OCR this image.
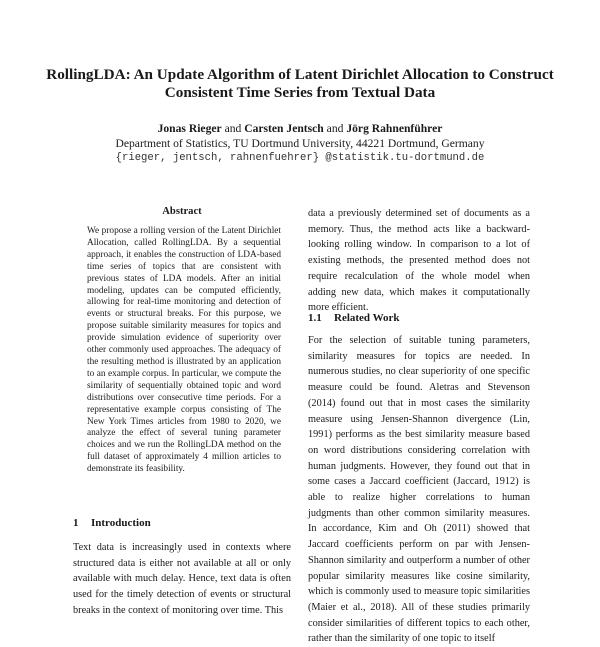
RollingLDA: An Update Algorithm of Latent Dirichlet Allocation to Construct Consistent Time Series from Textual Data
Jonas Rieger and Carsten Jentsch and Jörg Rahnenführer
Department of Statistics, TU Dortmund University, 44221 Dortmund, Germany
{rieger, jentsch, rahnenfuehrer} @statistik.tu-dortmund.de
Abstract
We propose a rolling version of the Latent Dirichlet Allocation, called RollingLDA. By a sequential approach, it enables the construction of LDA-based time series of topics that are consistent with previous states of LDA models. After an initial modeling, updates can be computed efficiently, allowing for real-time monitoring and detection of events or structural breaks. For this purpose, we propose suitable similarity measures for topics and provide simulation evidence of superiority over other commonly used approaches. The adequacy of the resulting method is illustrated by an application to an example corpus. In particular, we compute the similarity of sequentially obtained topic and word distributions over consecutive time periods. For a representative example corpus consisting of The New York Times articles from 1980 to 2020, we analyze the effect of several tuning parameter choices and we run the RollingLDA method on the full dataset of approximately 4 million articles to demonstrate its feasibility.
1 Introduction
Text data is increasingly used in contexts where structured data is either not available at all or only available with much delay. Hence, text data is often used for the timely detection of events or structural breaks in the context of monitoring over time. This
data a previously determined set of documents as a memory. Thus, the method acts like a backward-looking rolling window. In comparison to a lot of existing methods, the presented method does not require recalculation of the whole model when adding new data, which makes it computationally more efficient.
1.1 Related Work
For the selection of suitable tuning parameters, similarity measures for topics are needed. In numerous studies, no clear superiority of one specific measure could be found. Aletras and Stevenson (2014) found out that in most cases the similarity measure using Jensen-Shannon divergence (Lin, 1991) performs as the best similarity measure based on word distributions considering correlation with human judgments. However, they found out that in some cases a Jaccard coefficient (Jaccard, 1912) is able to realize higher correlations to human judgments than other common similarity measures. In accordance, Kim and Oh (2011) showed that Jaccard coefficients perform on par with Jensen-Shannon similarity and outperform a number of other popular similarity measures like cosine similarity, which is commonly used to measure topic similarities (Maier et al., 2018). All of these studies primarily consider similarities of different topics to each other, rather than the similarity of one topic to itself
